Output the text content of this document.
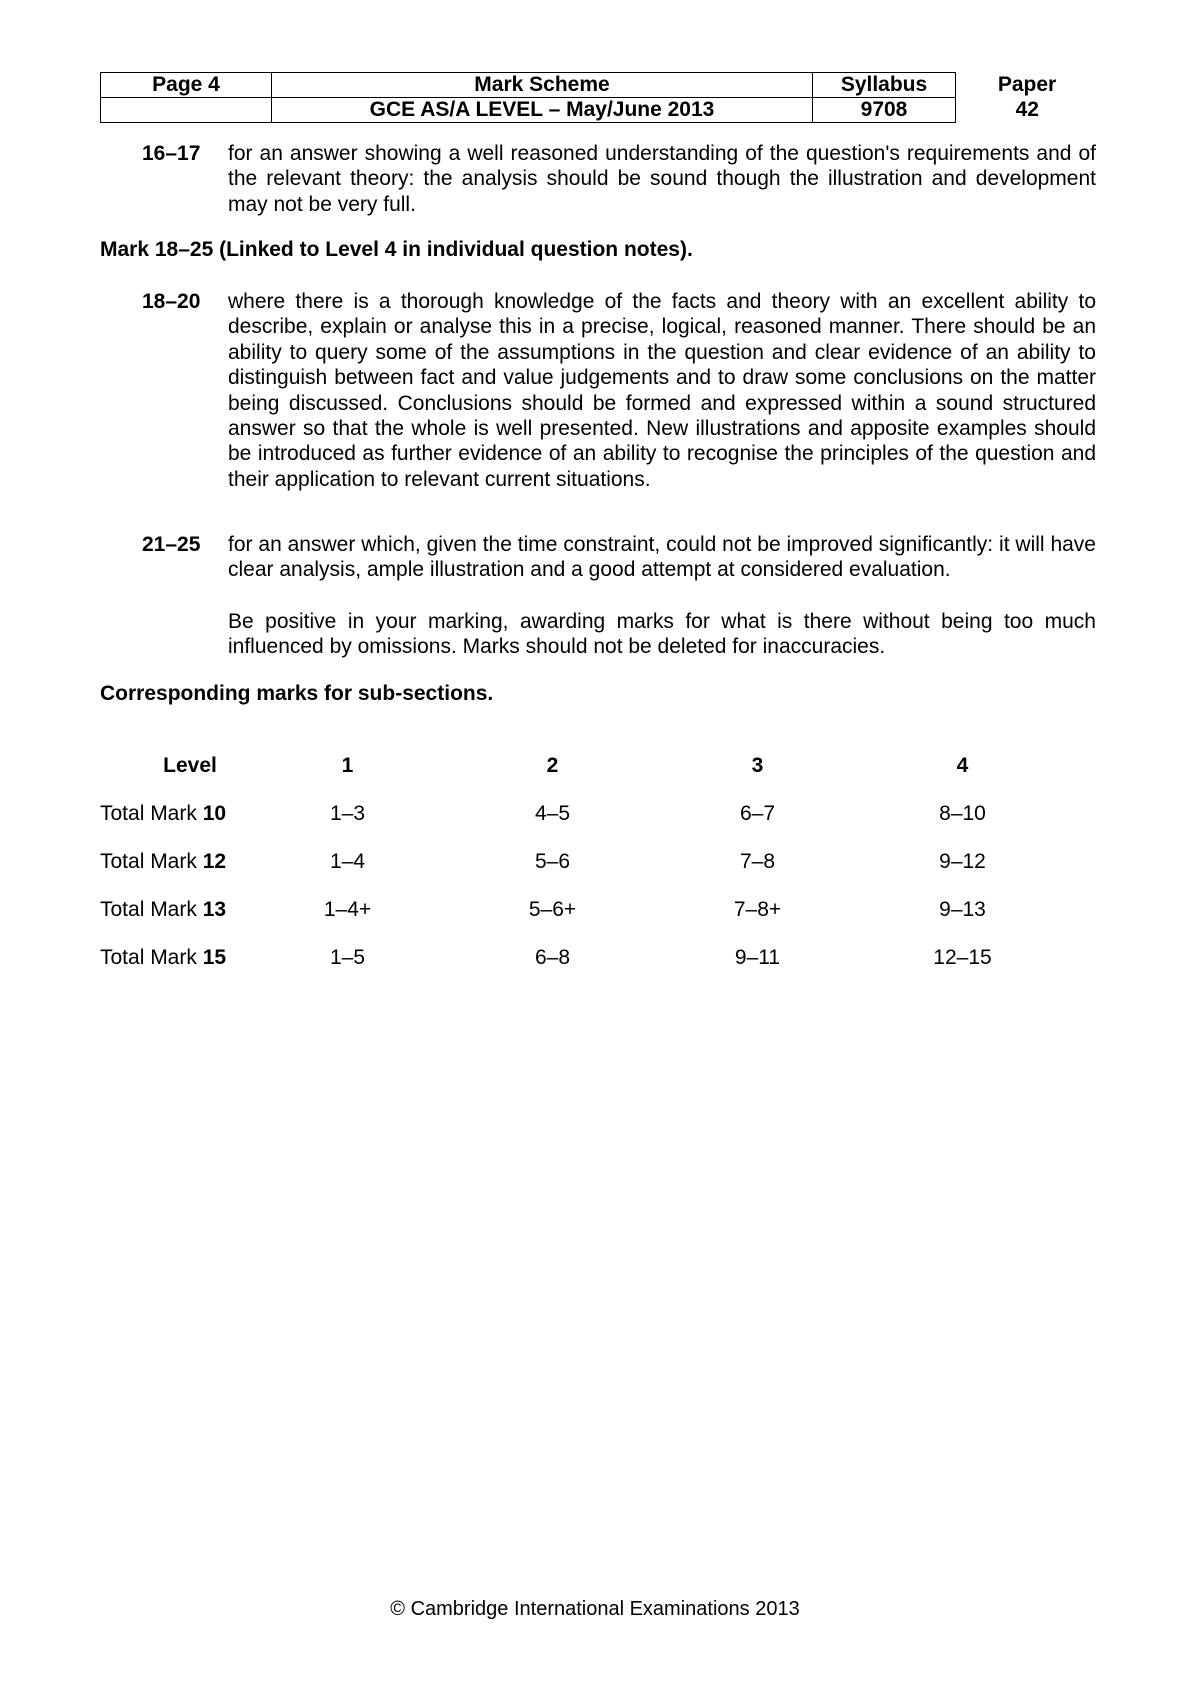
Page 4	Mark Scheme	Syllabus	Paper
	GCE AS/A LEVEL – May/June 2013	9708	42
16–17 for an answer showing a well reasoned understanding of the question's requirements and of the relevant theory: the analysis should be sound though the illustration and development may not be very full.
Mark 18–25 (Linked to Level 4 in individual question notes).
18–20 where there is a thorough knowledge of the facts and theory with an excellent ability to describe, explain or analyse this in a precise, logical, reasoned manner. There should be an ability to query some of the assumptions in the question and clear evidence of an ability to distinguish between fact and value judgements and to draw some conclusions on the matter being discussed. Conclusions should be formed and expressed within a sound structured answer so that the whole is well presented. New illustrations and apposite examples should be introduced as further evidence of an ability to recognise the principles of the question and their application to relevant current situations.
21–25 for an answer which, given the time constraint, could not be improved significantly: it will have clear analysis, ample illustration and a good attempt at considered evaluation.
Be positive in your marking, awarding marks for what is there without being too much influenced by omissions. Marks should not be deleted for inaccuracies.
Corresponding marks for sub-sections.
Level	1	2	3	4
Total Mark 10	1–3	4–5	6–7	8–10
Total Mark 12	1–4	5–6	7–8	9–12
Total Mark 13	1–4+	5–6+	7–8+	9–13
Total Mark 15	1–5	6–8	9–11	12–15
© Cambridge International Examinations 2013
